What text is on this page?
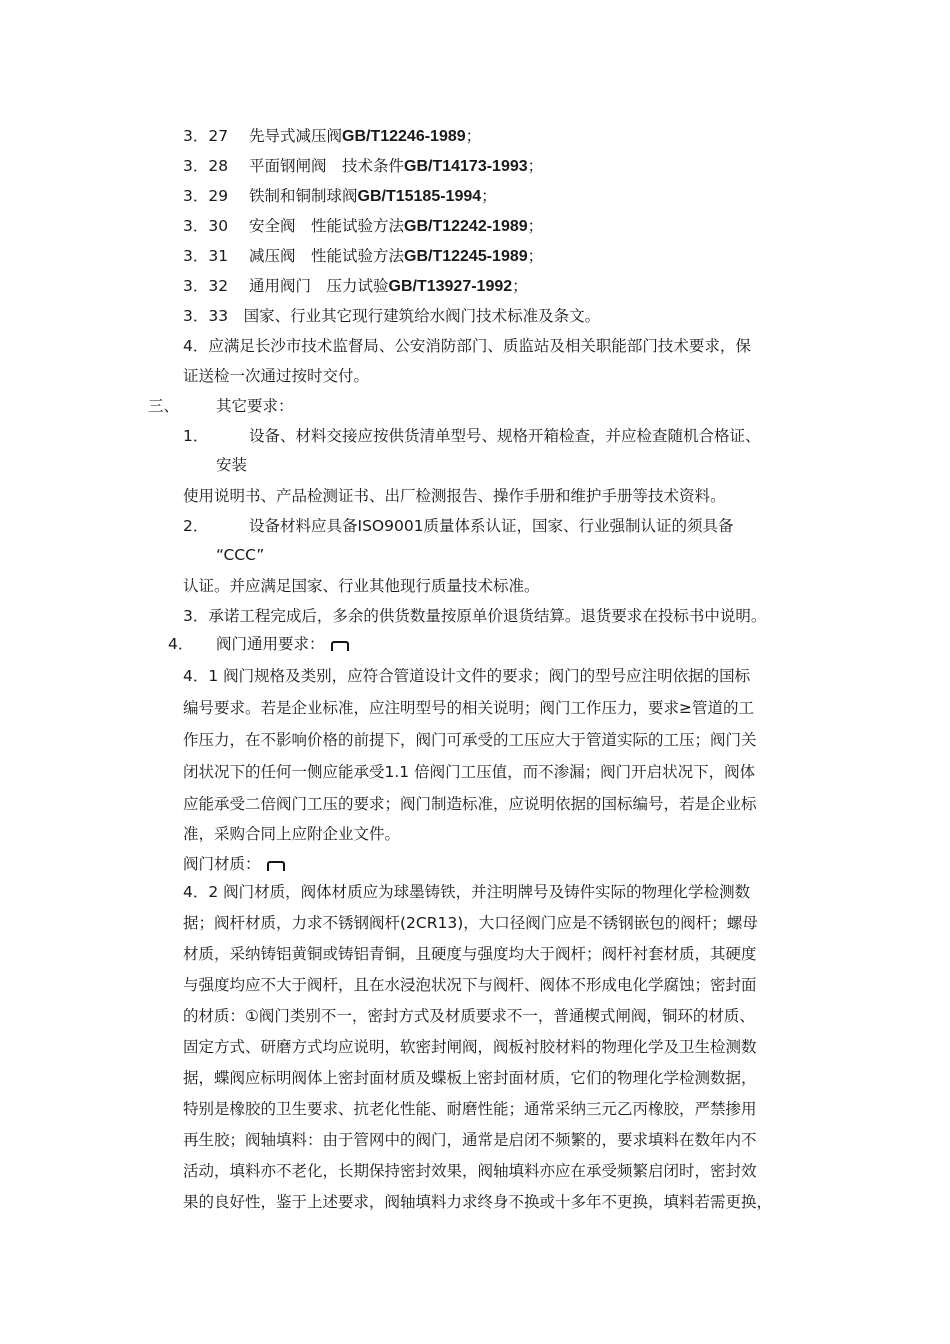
3．27 先导式减压阀GB/T12246-1989；
3．28 平面钢闸阀　技术条件GB/T14173-1993；
3．29 铁制和铜制球阀GB/T15185-1994；
3．30 安全阀　性能试验方法GB/T12242-1989；
3．31 减压阀　性能试验方法GB/T12245-1989；
3．32 通用阀门　压力试验GB/T13927-1992；
3．33　国家、行业其它现行建筑给水阀门技术标准及条文。
4．应满足长沙市技术监督局、公安消防部门、质监站及相关职能部门技术要求，保
证送检一次通过按时交付。
三、 其它要求：
1．	设备、材料交接应按供货清单型号、规格开箱检查，并应检查随机合格证、
安装
使用说明书、产品检测证书、出厂检测报告、操作手册和维护手册等技术资料。
2．	设备材料应具备ISO9001质量体系认证，国家、行业强制认证的须具备
“CCC”
认证。并应满足国家、行业其他现行质量技术标准。
3．承诺工程完成后，多余的供货数量按原单价退货结算。退货要求在投标书中说明。
4． 阀门通用要求：
4．1 阀门规格及类别，应符合管道设计文件的要求；阀门的型号应注明依据的国标
编号要求。若是企业标准，应注明型号的相关说明；阀门工作压力，要求≥管道的工
作压力，在不影响价格的前提下，阀门可承受的工压应大于管道实际的工压；阀门关
闭状况下的任何一侧应能承受1.1 倍阀门工压值，而不渗漏；阀门开启状况下，阀体
应能承受二倍阀门工压的要求；阀门制造标准，应说明依据的国标编号，若是企业标
准，采购合同上应附企业文件。
阀门材质：
4．2 阀门材质，阀体材质应为球墨铸铁，并注明牌号及铸件实际的物理化学检测数
据；阀杆材质，力求不锈钢阀杆(2CR13)，大口径阀门应是不锈钢嵌包的阀杆；螺母
材质，采纳铸铝黄铜或铸铝青铜，且硬度与强度均大于阀杆；阀杆衬套材质，其硬度
与强度均应不大于阀杆，且在水浸泡状况下与阀杆、阀体不形成电化学腐蚀；密封面
的材质：①阀门类别不一，密封方式及材质要求不一，普通楔式闸阀，铜环的材质、
固定方式、研磨方式均应说明，软密封闸阀，阀板衬胶材料的物理化学及卫生检测数
据，蝶阀应标明阀体上密封面材质及蝶板上密封面材质，它们的物理化学检测数据，
特别是橡胶的卫生要求、抗老化性能、耐磨性能；通常采纳三元乙丙橡胶，严禁掺用
再生胶；阀轴填料：由于管网中的阀门，通常是启闭不频繁的，要求填料在数年内不
活动，填料亦不老化，长期保持密封效果，阀轴填料亦应在承受频繁启闭时，密封效
果的良好性，鉴于上述要求，阀轴填料力求终身不换或十多年不更换，填料若需更换，
